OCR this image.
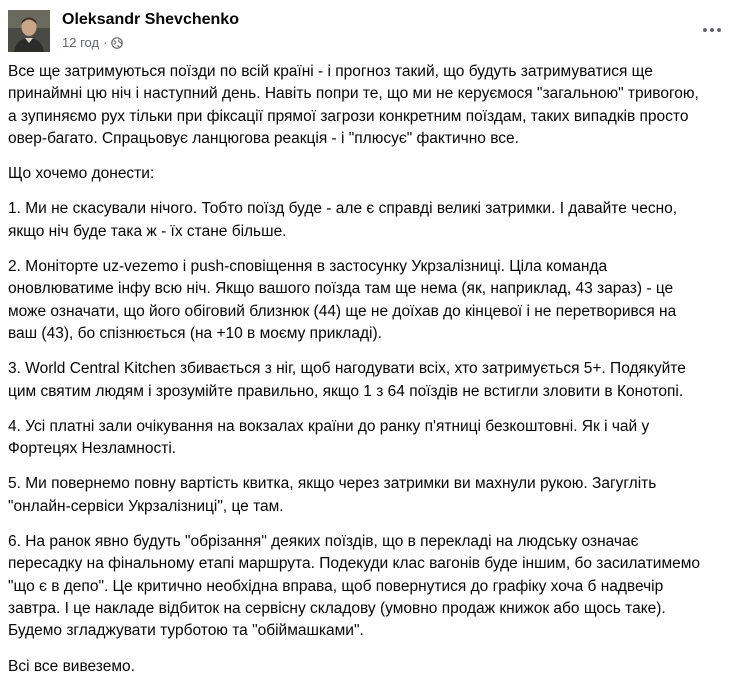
Oleksandr Shevchenko
12 год ·

Все ще затримуються поїзди по всій країні - і прогноз такий, що будуть затримуватися ще
принаймні цю ніч і наступний день. Навіть попри те, що ми не керуємося "загальною" тривогою,
а зупиняємо рух тільки при фіксації прямої загрози конкретним поїздам, таких випадків просто
овер-багато. Спрацьовує ланцюгова реакція - і "плюсує" фактично все.

Що хочемо донести:

1. Ми не скасували нічого. Тобто поїзд буде - але є справді великі затримки. І давайте чесно,
якщо ніч буде така ж - їх стане більше.

2. Моніторте uz-vezemo і push-сповіщення в застосунку Укрзалізниці. Ціла команда
оновлюватиме інфу всю ніч. Якщо вашого поїзда там ще нема (як, наприклад, 43 зараз) - це
може означати, що його обіговий близнюк (44) ще не доїхав до кінцевої і не перетворився на
ваш (43), бо спізнюється (на +10 в моєму прикладі).

3. World Central Kitchen збивається з ніг, щоб нагодувати всіх, хто затримується 5+. Подякуйте
цим святим людям і зрозумійте правильно, якщо 1 з 64 поїздів не встигли зловити в Конотопі.

4. Усі платні зали очікування на вокзалах країни до ранку п'ятниці безкоштовні. Як і чай у
Фортецях Незламності.

5. Ми повернемо повну вартість квитка, якщо через затримки ви махнули рукою. Загугліть
"онлайн-сервіси Укрзалізниці", це там.

6. На ранок явно будуть "обрізання" деяких поїздів, що в перекладі на людську означає
пересадку на фінальному етапі маршрута. Подекуди клас вагонів буде іншим, бо засилатимемо
"що є в депо". Це критично необхідна вправа, щоб повернутися до графіку хоча б надвечір
завтра. І це накладе відбиток на сервісну складову (умовно продаж книжок або щось таке).
Будемо згладжувати турботою та "обіймашками".

Всі все вивеземо.
